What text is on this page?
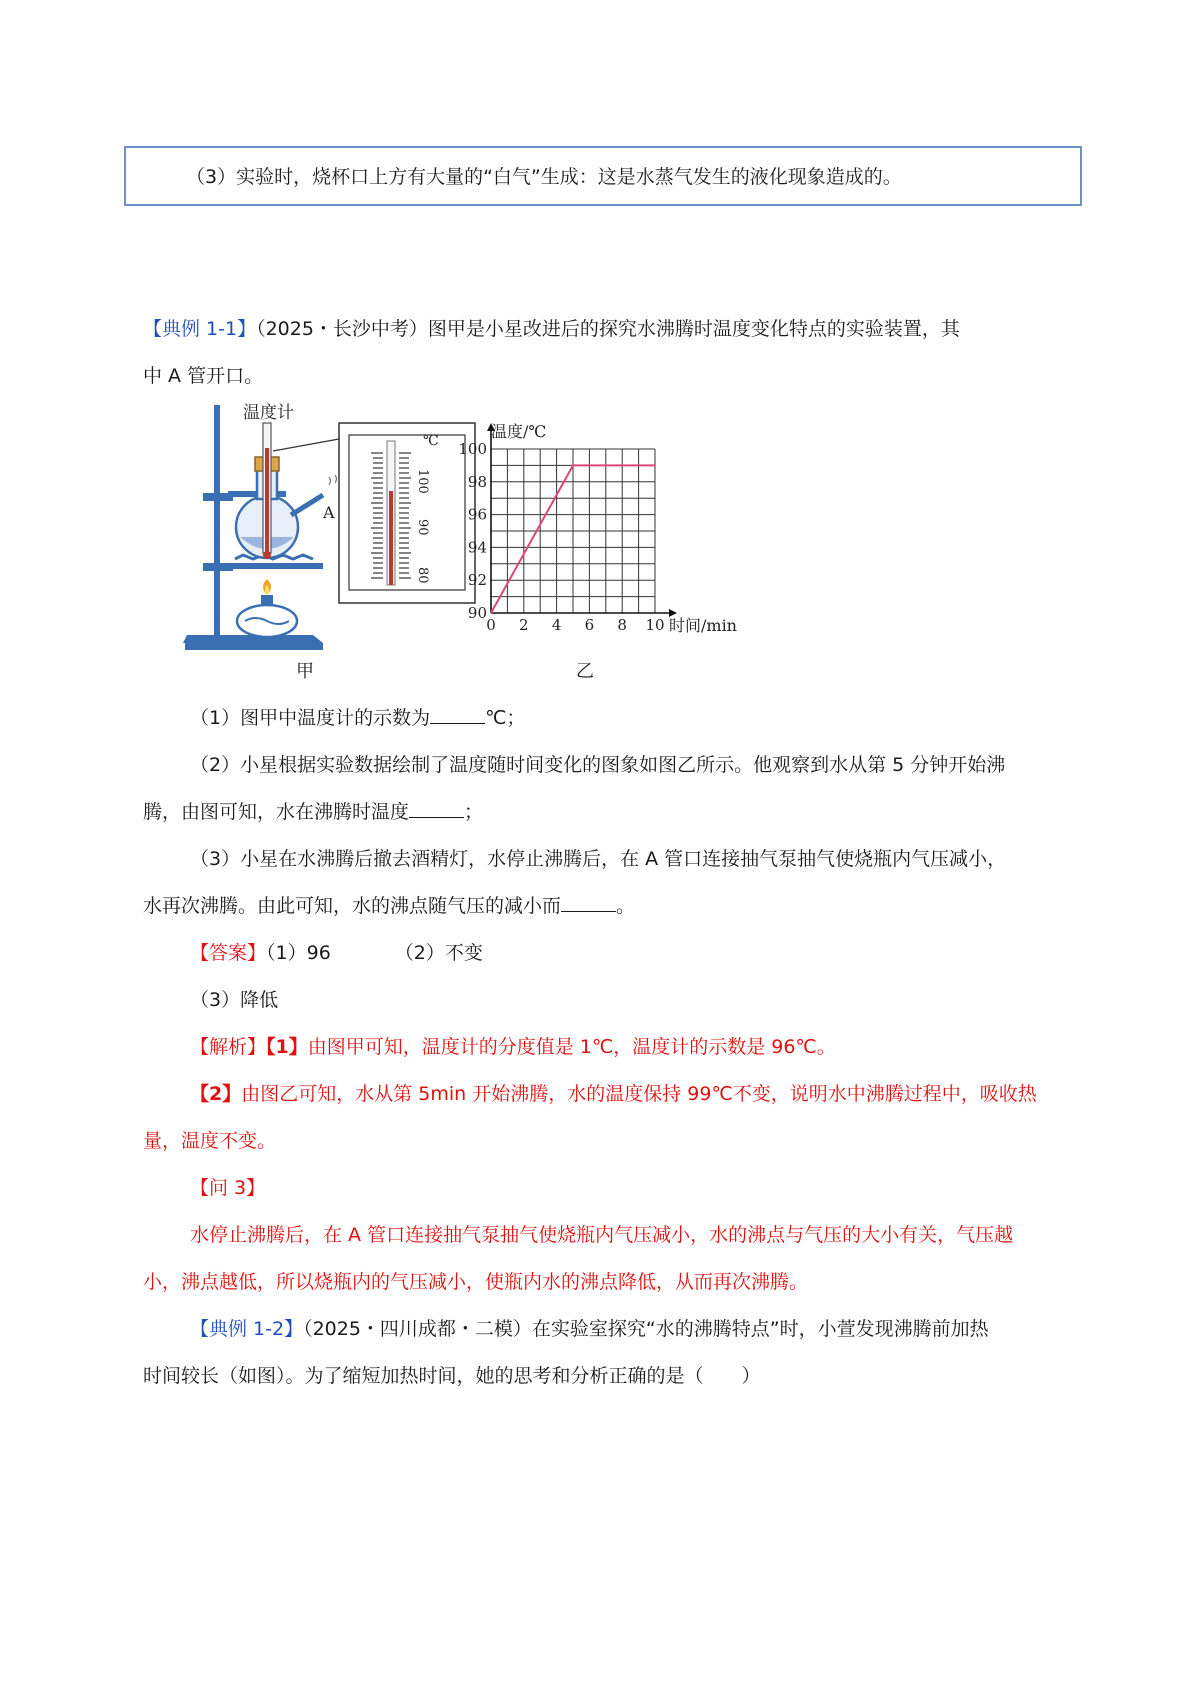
（3）实验时，烧杯口上方有大量的“白气”生成：这是水蒸气发生的液化现象造成的。

【典例 1-1】（2025・长沙中考）图甲是小星改进后的探究水沸腾时温度变化特点的实验装置，其

中 A 管开口。

A
温度计
℃
100
90
80
甲
0 2 4 6 8 10
90
92
94
96
98
100
温度/℃
时间/min
乙

（1）图甲中温度计的示数为	℃；

（2）小星根据实验数据绘制了温度随时间变化的图象如图乙所示。他观察到水从第 5 分钟开始沸

腾，由图可知，水在沸腾时温度	；

（3）小星在水沸腾后撤去酒精灯，水停止沸腾后，在 A 管口连接抽气泵抽气使烧瓶内气压减小，

水再次沸腾。由此可知，水的沸点随气压的减小而	。

【答案】（1）96	（2）不变

（3）降低

【解析】【1】由图甲可知，温度计的分度值是 1℃，温度计的示数是 96℃。

【2】由图乙可知，水从第 5min 开始沸腾，水的温度保持 99℃不变，说明水中沸腾过程中，吸收热

量，温度不变。

【问 3】

水停止沸腾后，在 A 管口连接抽气泵抽气使烧瓶内气压减小，水的沸点与气压的大小有关，气压越

小，沸点越低，所以烧瓶内的气压减小，使瓶内水的沸点降低，从而再次沸腾。

【典例 1-2】（2025・四川成都・二模）在实验室探究“水的沸腾特点”时，小萱发现沸腾前加热

时间较长（如图）。为了缩短加热时间，她的思考和分析正确的是（　　）
